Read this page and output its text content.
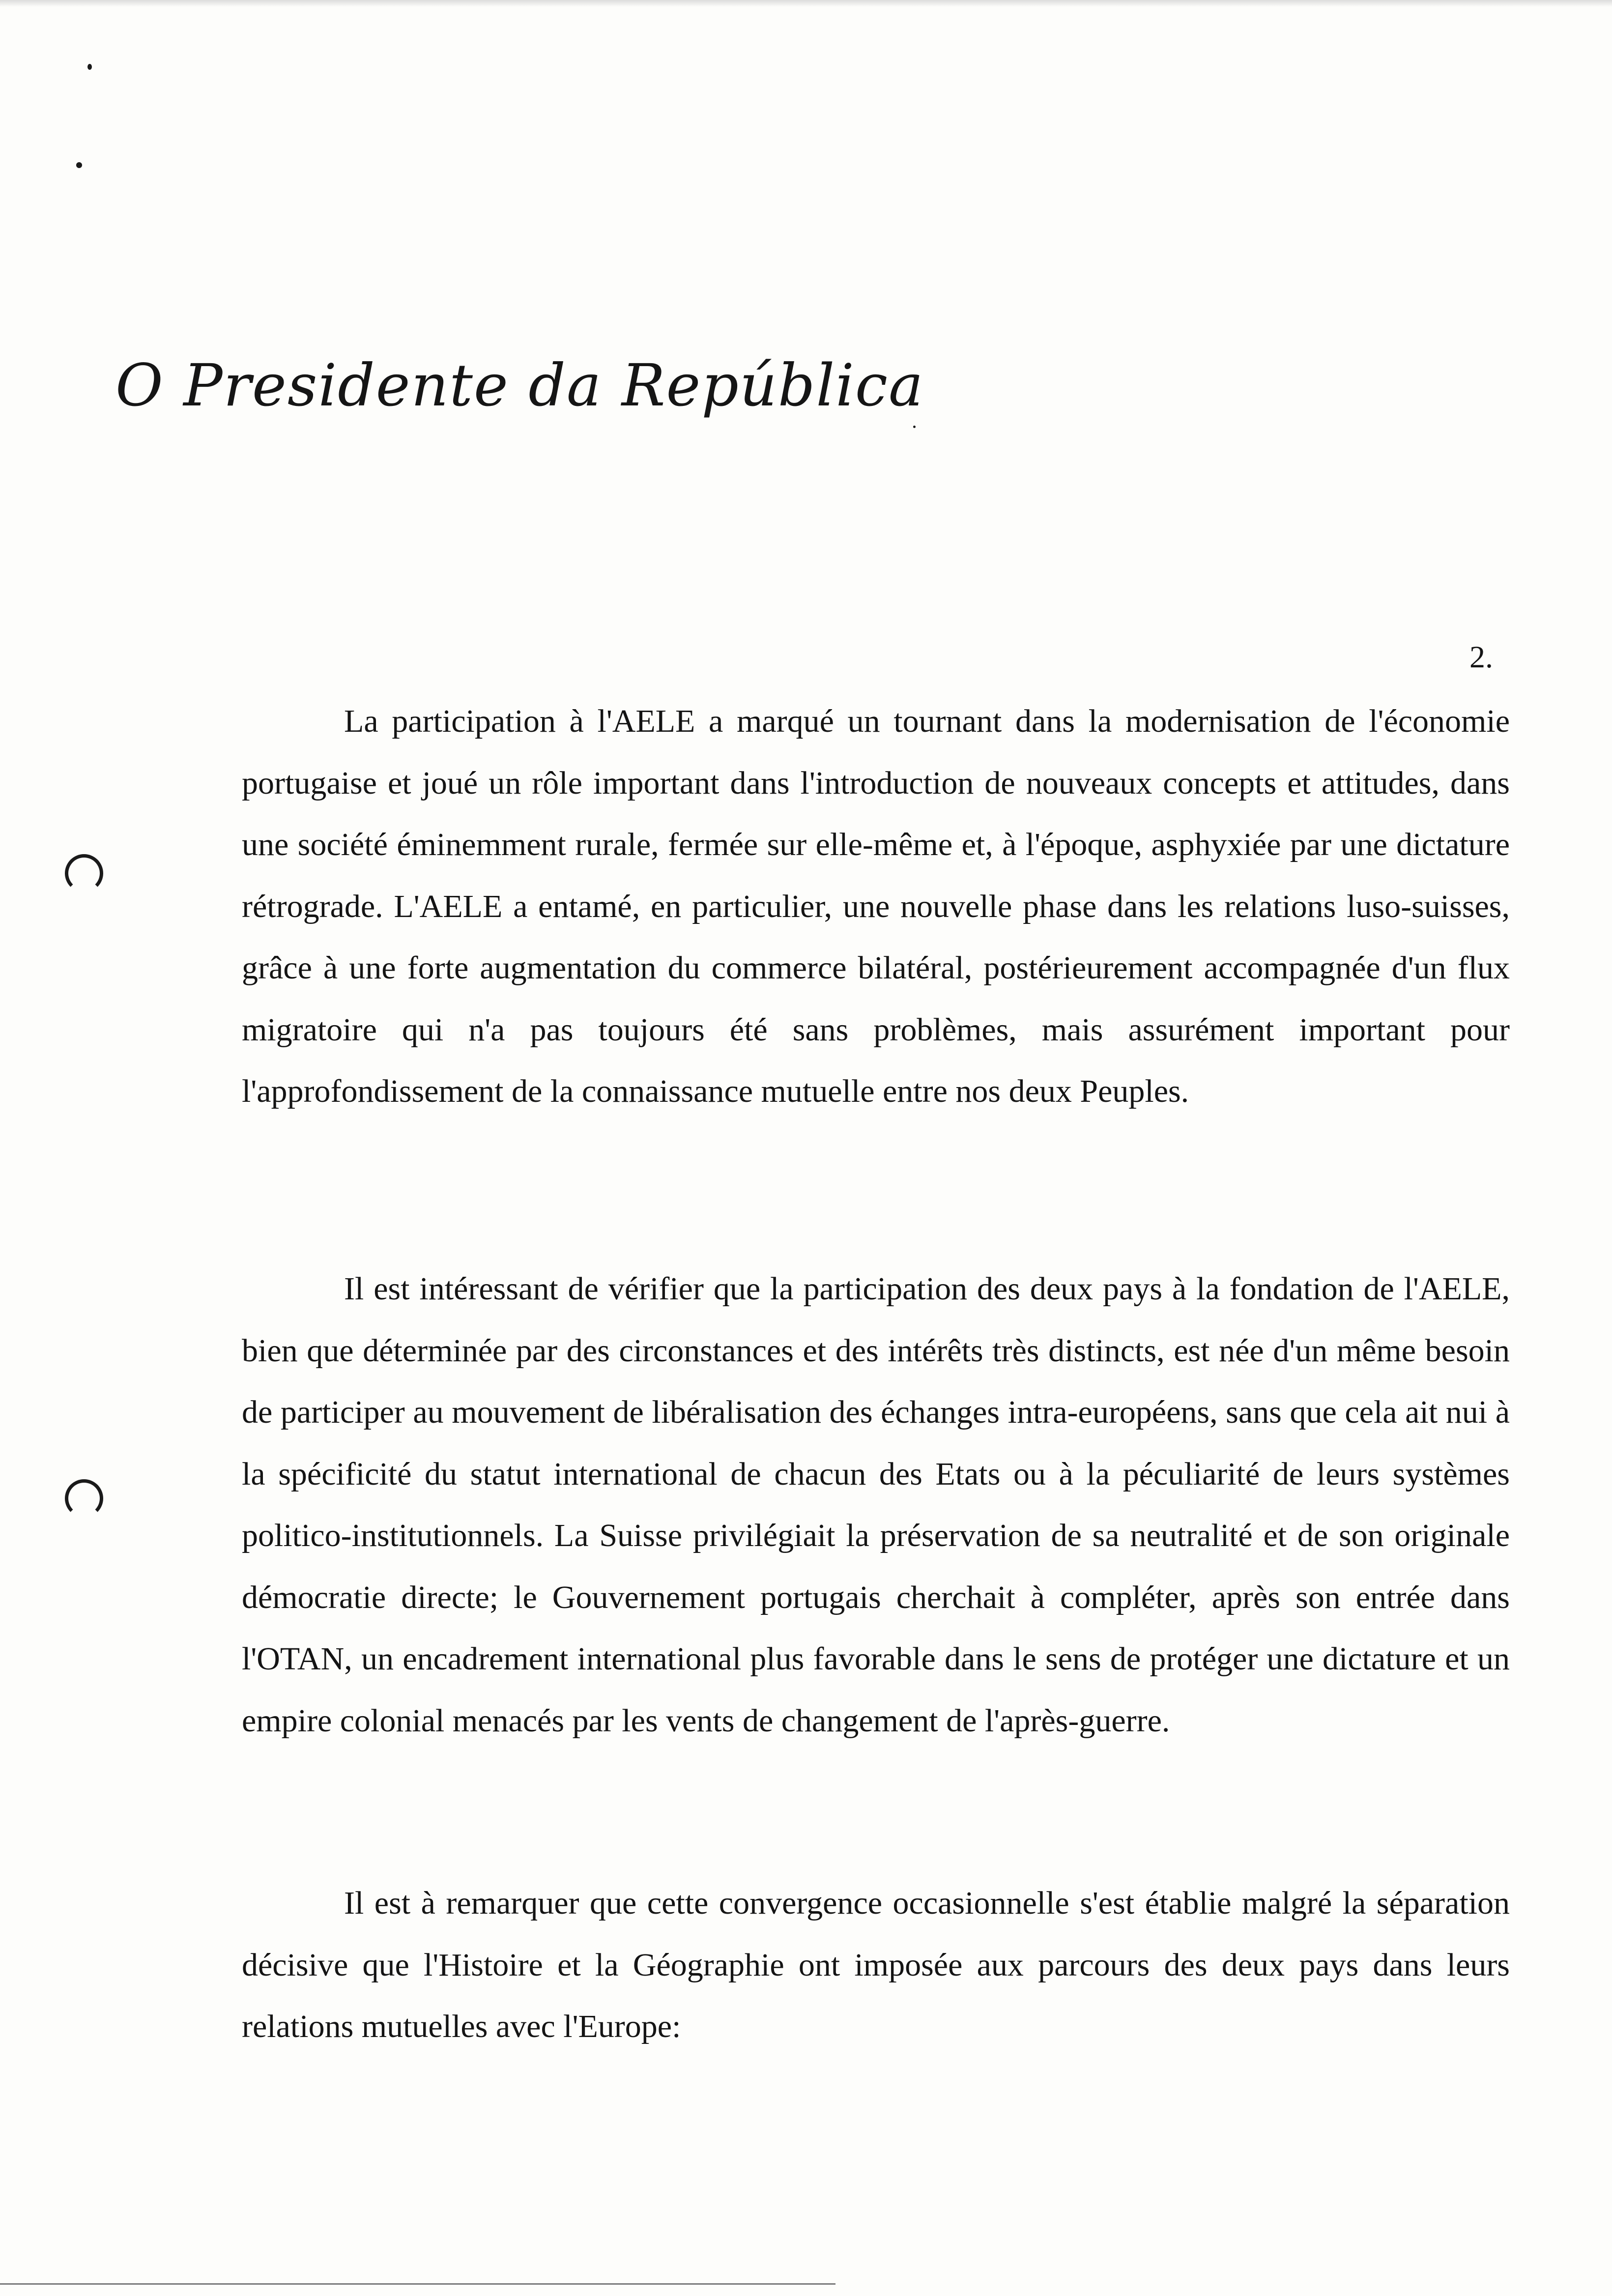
O Presidente da República
2.

La participation à l'AELE a marqué un tournant dans la modernisation de l'économie portugaise et joué un rôle important dans l'introduction de nouveaux concepts et attitudes, dans une société éminemment rurale, fermée sur elle-même et, à l'époque, asphyxiée par une dictature rétrograde. L'AELE a entamé, en particulier, une nouvelle phase dans les relations luso-suisses, grâce à une forte augmentation du commerce bilatéral, postérieurement accompagnée d'un flux migratoire qui n'a pas toujours été sans problèmes, mais assurément important pour l'approfondissement de la connaissance mutuelle entre nos deux Peuples.

Il est intéressant de vérifier que la participation des deux pays à la fondation de l'AELE, bien que déterminée par des circonstances et des intérêts très distincts, est née d'un même besoin de participer au mouvement de libéralisation des échanges intra-européens, sans que cela ait nui à la spécificité du statut international de chacun des Etats ou à la péculiarité de leurs systèmes politico-institutionnels. La Suisse privilégiait la préservation de sa neutralité et de son originale démocratie directe; le Gouvernement portugais cherchait à compléter, après son entrée dans l'OTAN, un encadrement international plus favorable dans le sens de protéger une dictature et un empire colonial menacés par les vents de changement de l'après-guerre.

Il est à remarquer que cette convergence occasionnelle s'est établie malgré la séparation décisive que l'Histoire et la Géographie ont imposée aux parcours des deux pays dans leurs relations mutuelles avec l'Europe:
